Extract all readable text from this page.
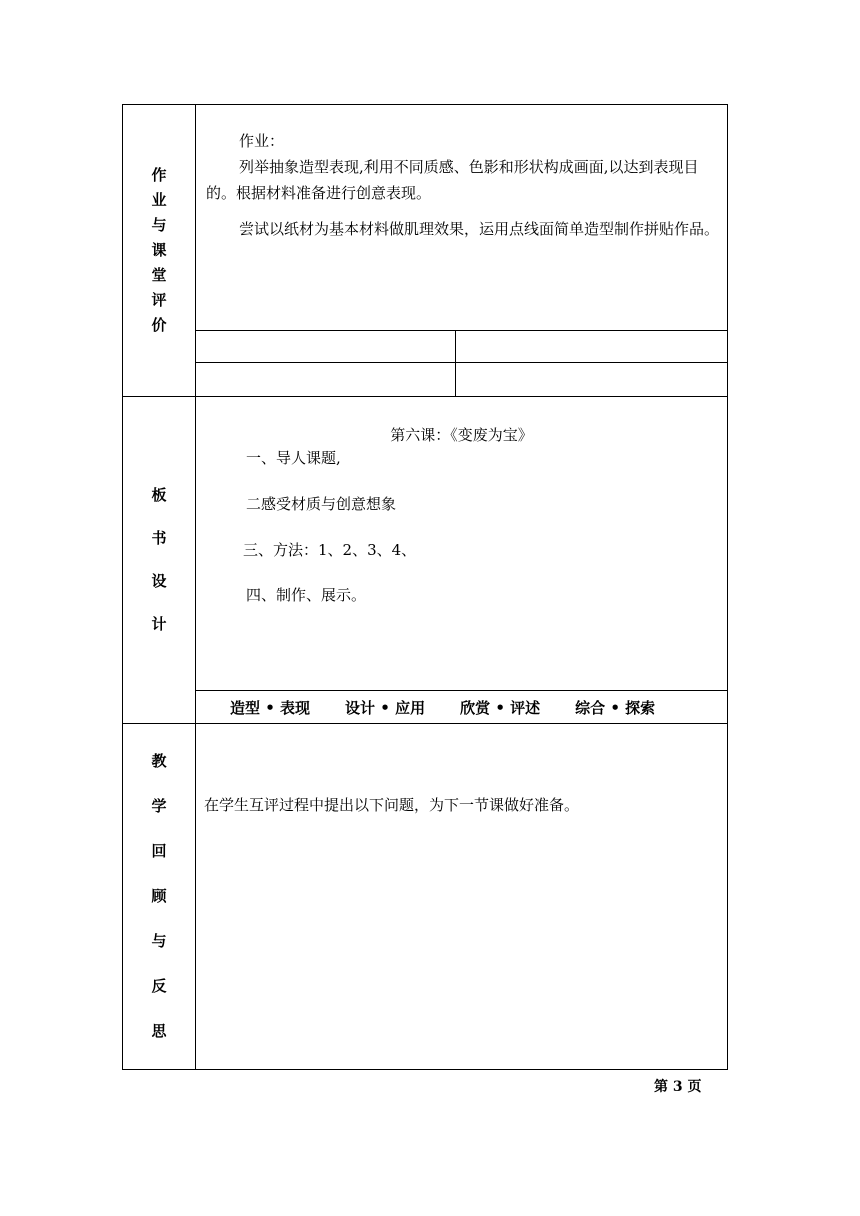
作
业
与
课
堂
评
价

作业：

列举抽象造型表现,利用不同质感、色影和形状构成画面,以达到表现目的。根据材料准备进行创意表现。

尝试以纸材为基本材料做肌理效果，运用点线面简单造型制作拼贴作品。

板
书
设
计
第六课：《变废为宝》
一、导人课题,
二感受材质与创意想象
三、方法：1、2、3、4、
四、制作、展示。
造型 • 表现 设计 • 应用 欣赏 • 评述 综合 • 探索
教
学
回
顾
与
反
思
在学生互评过程中提出以下问题，为下一节课做好准备。
第 3 页
